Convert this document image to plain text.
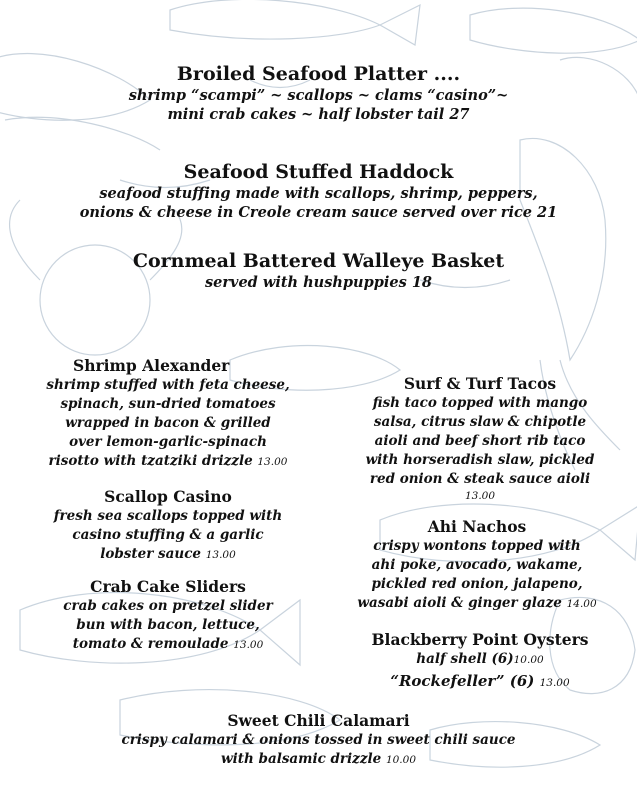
Broiled Seafood Platter ....

shrimp “scampi” ~ scallops ~ clams “casino”~
mini crab cakes ~ half lobster tail 27

Seafood Stuffed Haddock

seafood stuffing made with scallops, shrimp, peppers,
onions & cheese in Creole cream sauce served over rice 21

Cornmeal Battered Walleye Basket

served with hushpuppies 18

Shrimp Alexander

shrimp stuffed with feta cheese,
spinach, sun-dried tomatoes
wrapped in bacon & grilled
over lemon-garlic-spinach
risotto with tzatziki drizzle 13.00

Scallop Casino

fresh sea scallops topped with
casino stuffing & a garlic
lobster sauce 13.00

Crab Cake Sliders

crab cakes on pretzel slider
bun with bacon, lettuce,
tomato & remoulade 13.00

Surf & Turf Tacos

fish taco topped with mango
salsa, citrus slaw & chipotle
aioli and beef short rib taco
with horseradish slaw, pickled
red onion & steak sauce aioli
13.00

Ahi Nachos

crispy wontons topped with
ahi poke, avocado, wakame,
pickled red onion, jalapeno,
wasabi aioli & ginger glaze 14.00

Blackberry Point Oysters

half shell (6)10.00
“Rockefeller” (6) 13.00

Sweet Chili Calamari

crispy calamari & onions tossed in sweet chili sauce
with balsamic drizzle 10.00
